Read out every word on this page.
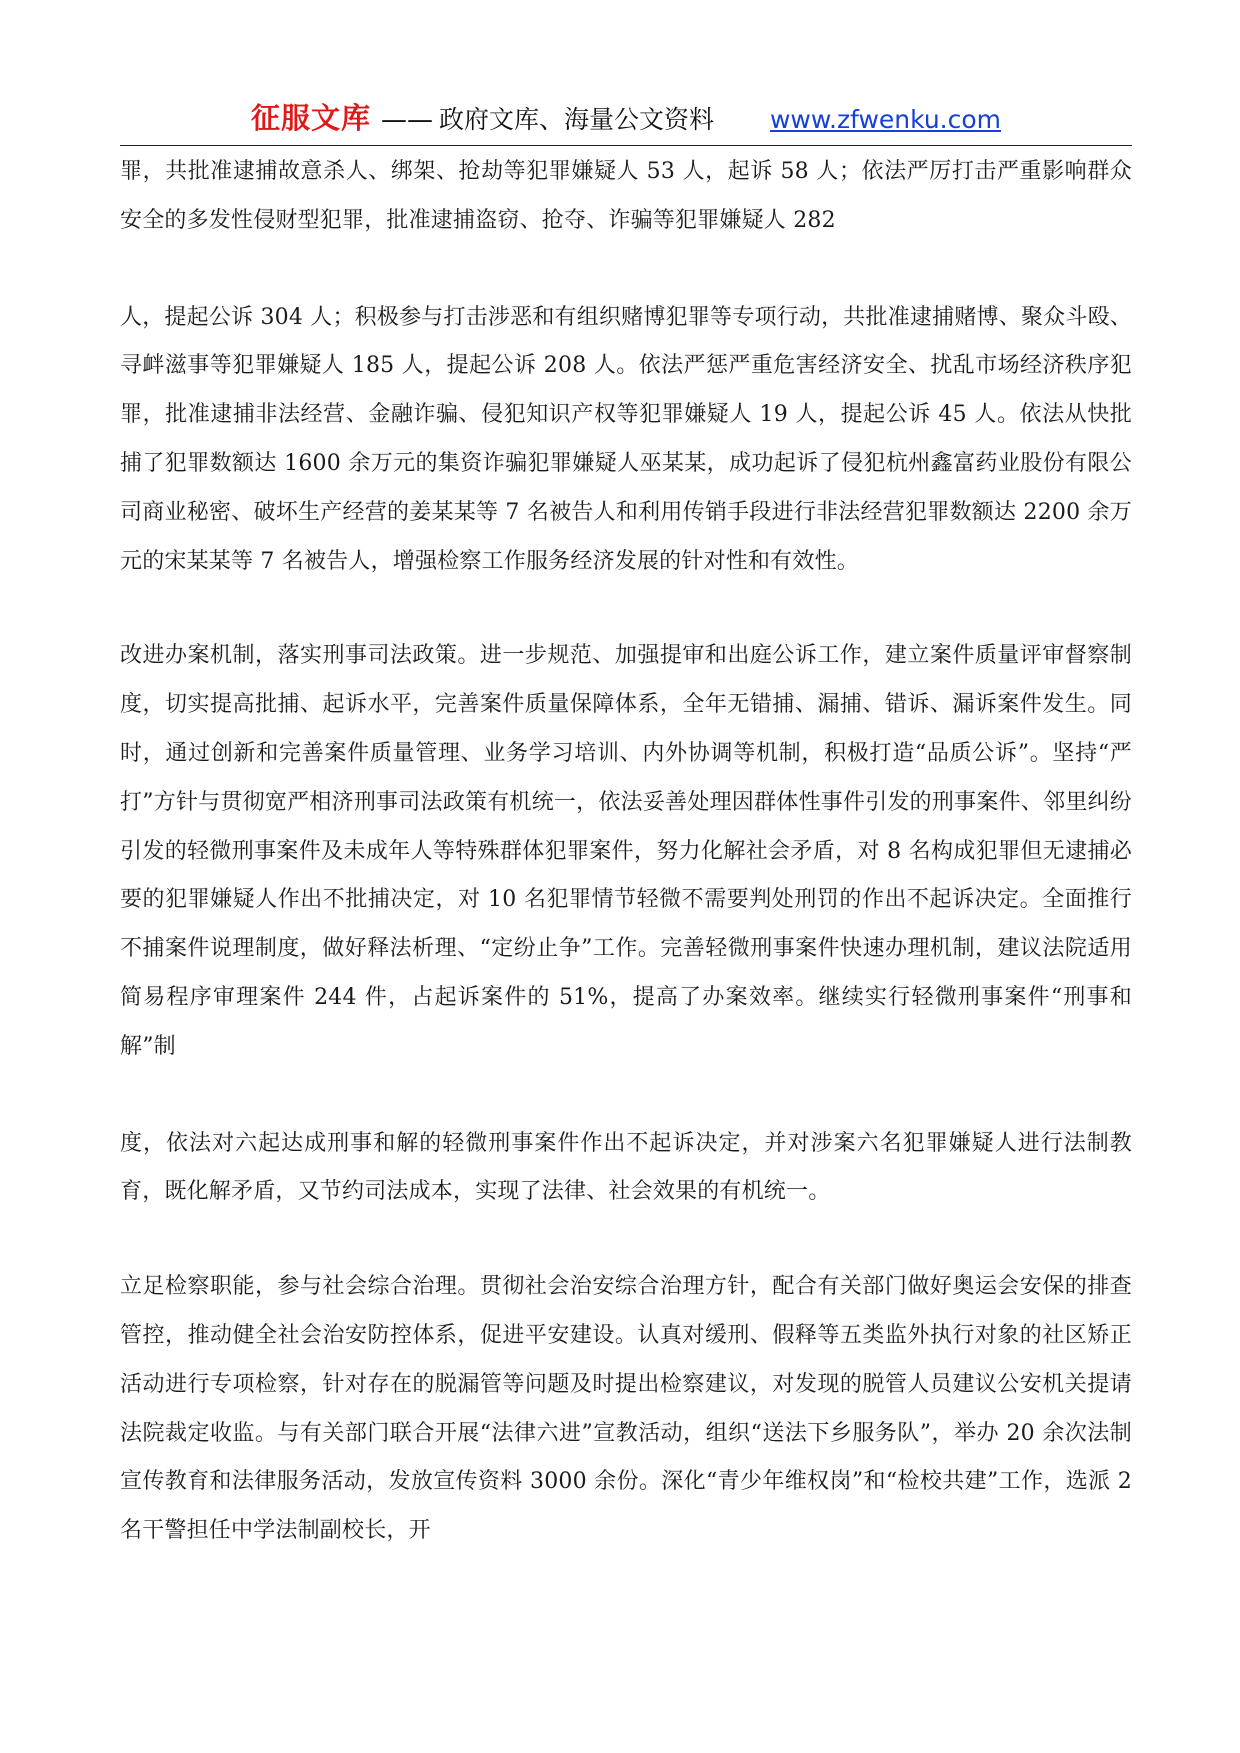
征服文库 —— 政府文库、海量公文资料 www.zfwenku.com

罪，共批准逮捕故意杀人、绑架、抢劫等犯罪嫌疑人 53 人，起诉 58 人；依法严厉打击严重影响群众安全的多发性侵财型犯罪，批准逮捕盗窃、抢夺、诈骗等犯罪嫌疑人 282

人，提起公诉 304 人；积极参与打击涉恶和有组织赌博犯罪等专项行动，共批准逮捕赌博、聚众斗殴、寻衅滋事等犯罪嫌疑人 185 人，提起公诉 208 人。依法严惩严重危害经济安全、扰乱市场经济秩序犯罪，批准逮捕非法经营、金融诈骗、侵犯知识产权等犯罪嫌疑人 19 人，提起公诉 45 人。依法从快批捕了犯罪数额达 1600 余万元的集资诈骗犯罪嫌疑人巫某某，成功起诉了侵犯杭州鑫富药业股份有限公司商业秘密、破坏生产经营的姜某某等 7 名被告人和利用传销手段进行非法经营犯罪数额达 2200 余万元的宋某某等 7 名被告人，增强检察工作服务经济发展的针对性和有效性。

改进办案机制，落实刑事司法政策。进一步规范、加强提审和出庭公诉工作，建立案件质量评审督察制度，切实提高批捕、起诉水平，完善案件质量保障体系，全年无错捕、漏捕、错诉、漏诉案件发生。同时，通过创新和完善案件质量管理、业务学习培训、内外协调等机制，积极打造“品质公诉”。坚持“严打”方针与贯彻宽严相济刑事司法政策有机统一，依法妥善处理因群体性事件引发的刑事案件、邻里纠纷引发的轻微刑事案件及未成年人等特殊群体犯罪案件，努力化解社会矛盾，对 8 名构成犯罪但无逮捕必要的犯罪嫌疑人作出不批捕决定，对 10 名犯罪情节轻微不需要判处刑罚的作出不起诉决定。全面推行不捕案件说理制度，做好释法析理、“定纷止争”工作。完善轻微刑事案件快速办理机制，建议法院适用简易程序审理案件 244 件，占起诉案件的 51%，提高了办案效率。继续实行轻微刑事案件“刑事和解”制

度，依法对六起达成刑事和解的轻微刑事案件作出不起诉决定，并对涉案六名犯罪嫌疑人进行法制教育，既化解矛盾，又节约司法成本，实现了法律、社会效果的有机统一。

立足检察职能，参与社会综合治理。贯彻社会治安综合治理方针，配合有关部门做好奥运会安保的排查管控，推动健全社会治安防控体系，促进平安建设。认真对缓刑、假释等五类监外执行对象的社区矫正活动进行专项检察，针对存在的脱漏管等问题及时提出检察建议，对发现的脱管人员建议公安机关提请法院裁定收监。与有关部门联合开展“法律六进”宣教活动，组织“送法下乡服务队”，举办 20 余次法制宣传教育和法律服务活动，发放宣传资料 3000 余份。深化“青少年维权岗”和“检校共建”工作，选派 2 名干警担任中学法制副校长，开
